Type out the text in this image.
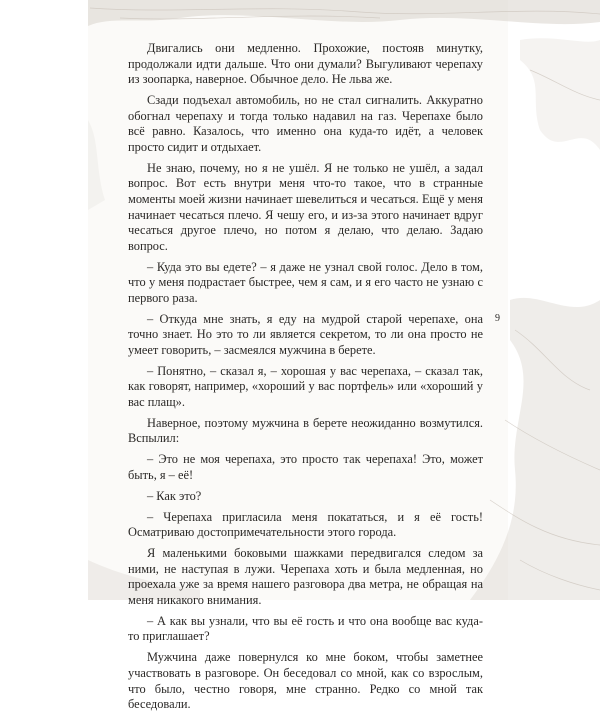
Двигались они медленно. Прохожие, постояв минутку, продолжали идти дальше. Что они думали? Выгуливают черепаху из зоопарка, наверное. Обычное дело. Не льва же.

Сзади подъехал автомобиль, но не стал сигналить. Аккуратно обогнал черепаху и тогда только надавил на газ. Черепахе было всё равно. Казалось, что именно она куда-то идёт, а человек просто сидит и отдыхает.

Не знаю, почему, но я не ушёл. Я не только не ушёл, а задал вопрос. Вот есть внутри меня что-то такое, что в странные моменты моей жизни начинает шевелиться и чесаться. Ещё у меня начинает чесаться плечо. Я чешу его, и из-за этого начинает вдруг чесаться другое плечо, но потом я делаю, что делаю. Задаю вопрос.

– Куда это вы едете? – я даже не узнал свой голос. Дело в том, что у меня подрастает быстрее, чем я сам, и я его часто не узнаю с первого раза.

– Откуда мне знать, я еду на мудрой старой черепахе, она точно знает. Но это то ли является секретом, то ли она просто не умеет говорить, – засмеялся мужчина в берете.

– Понятно, – сказал я, – хорошая у вас черепаха, – сказал так, как говорят, например, «хороший у вас портфель» или «хороший у вас плащ».

Наверное, поэтому мужчина в берете неожиданно возмутился. Вспылил:

– Это не моя черепаха, это просто так черепаха! Это, может быть, я – её!

– Как это?

– Черепаха пригласила меня покататься, и я её гость! Осматриваю достопримечательности этого города.

Я маленькими боковыми шажками передвигался следом за ними, не наступая в лужи. Черепаха хоть и была медленная, но проехала уже за время нашего разговора два метра, не обращая на меня никакого внимания.

– А как вы узнали, что вы её гость и что она вообще вас куда-то приглашает?

Мужчина даже повернулся ко мне боком, чтобы заметнее участвовать в разговоре. Он беседовал со мной, как со взрослым, что было, честно говоря, мне странно. Редко со мной так беседовали.

9
